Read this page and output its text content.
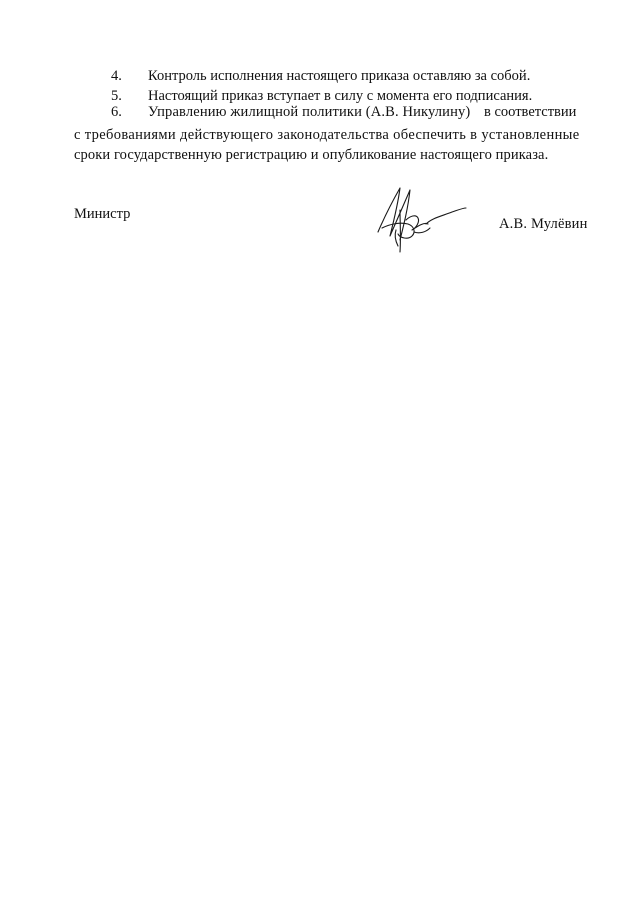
4. Контроль исполнения настоящего приказа оставляю за собой.
5. Настоящий приказ вступает в силу с момента его подписания.
6. Управлению жилищной политики (А.В. Никулину) в соответствии
с требованиями действующего законодательства обеспечить в установленные
сроки государственную регистрацию и опубликование настоящего приказа.
Министр
А.В. Мулёвин
